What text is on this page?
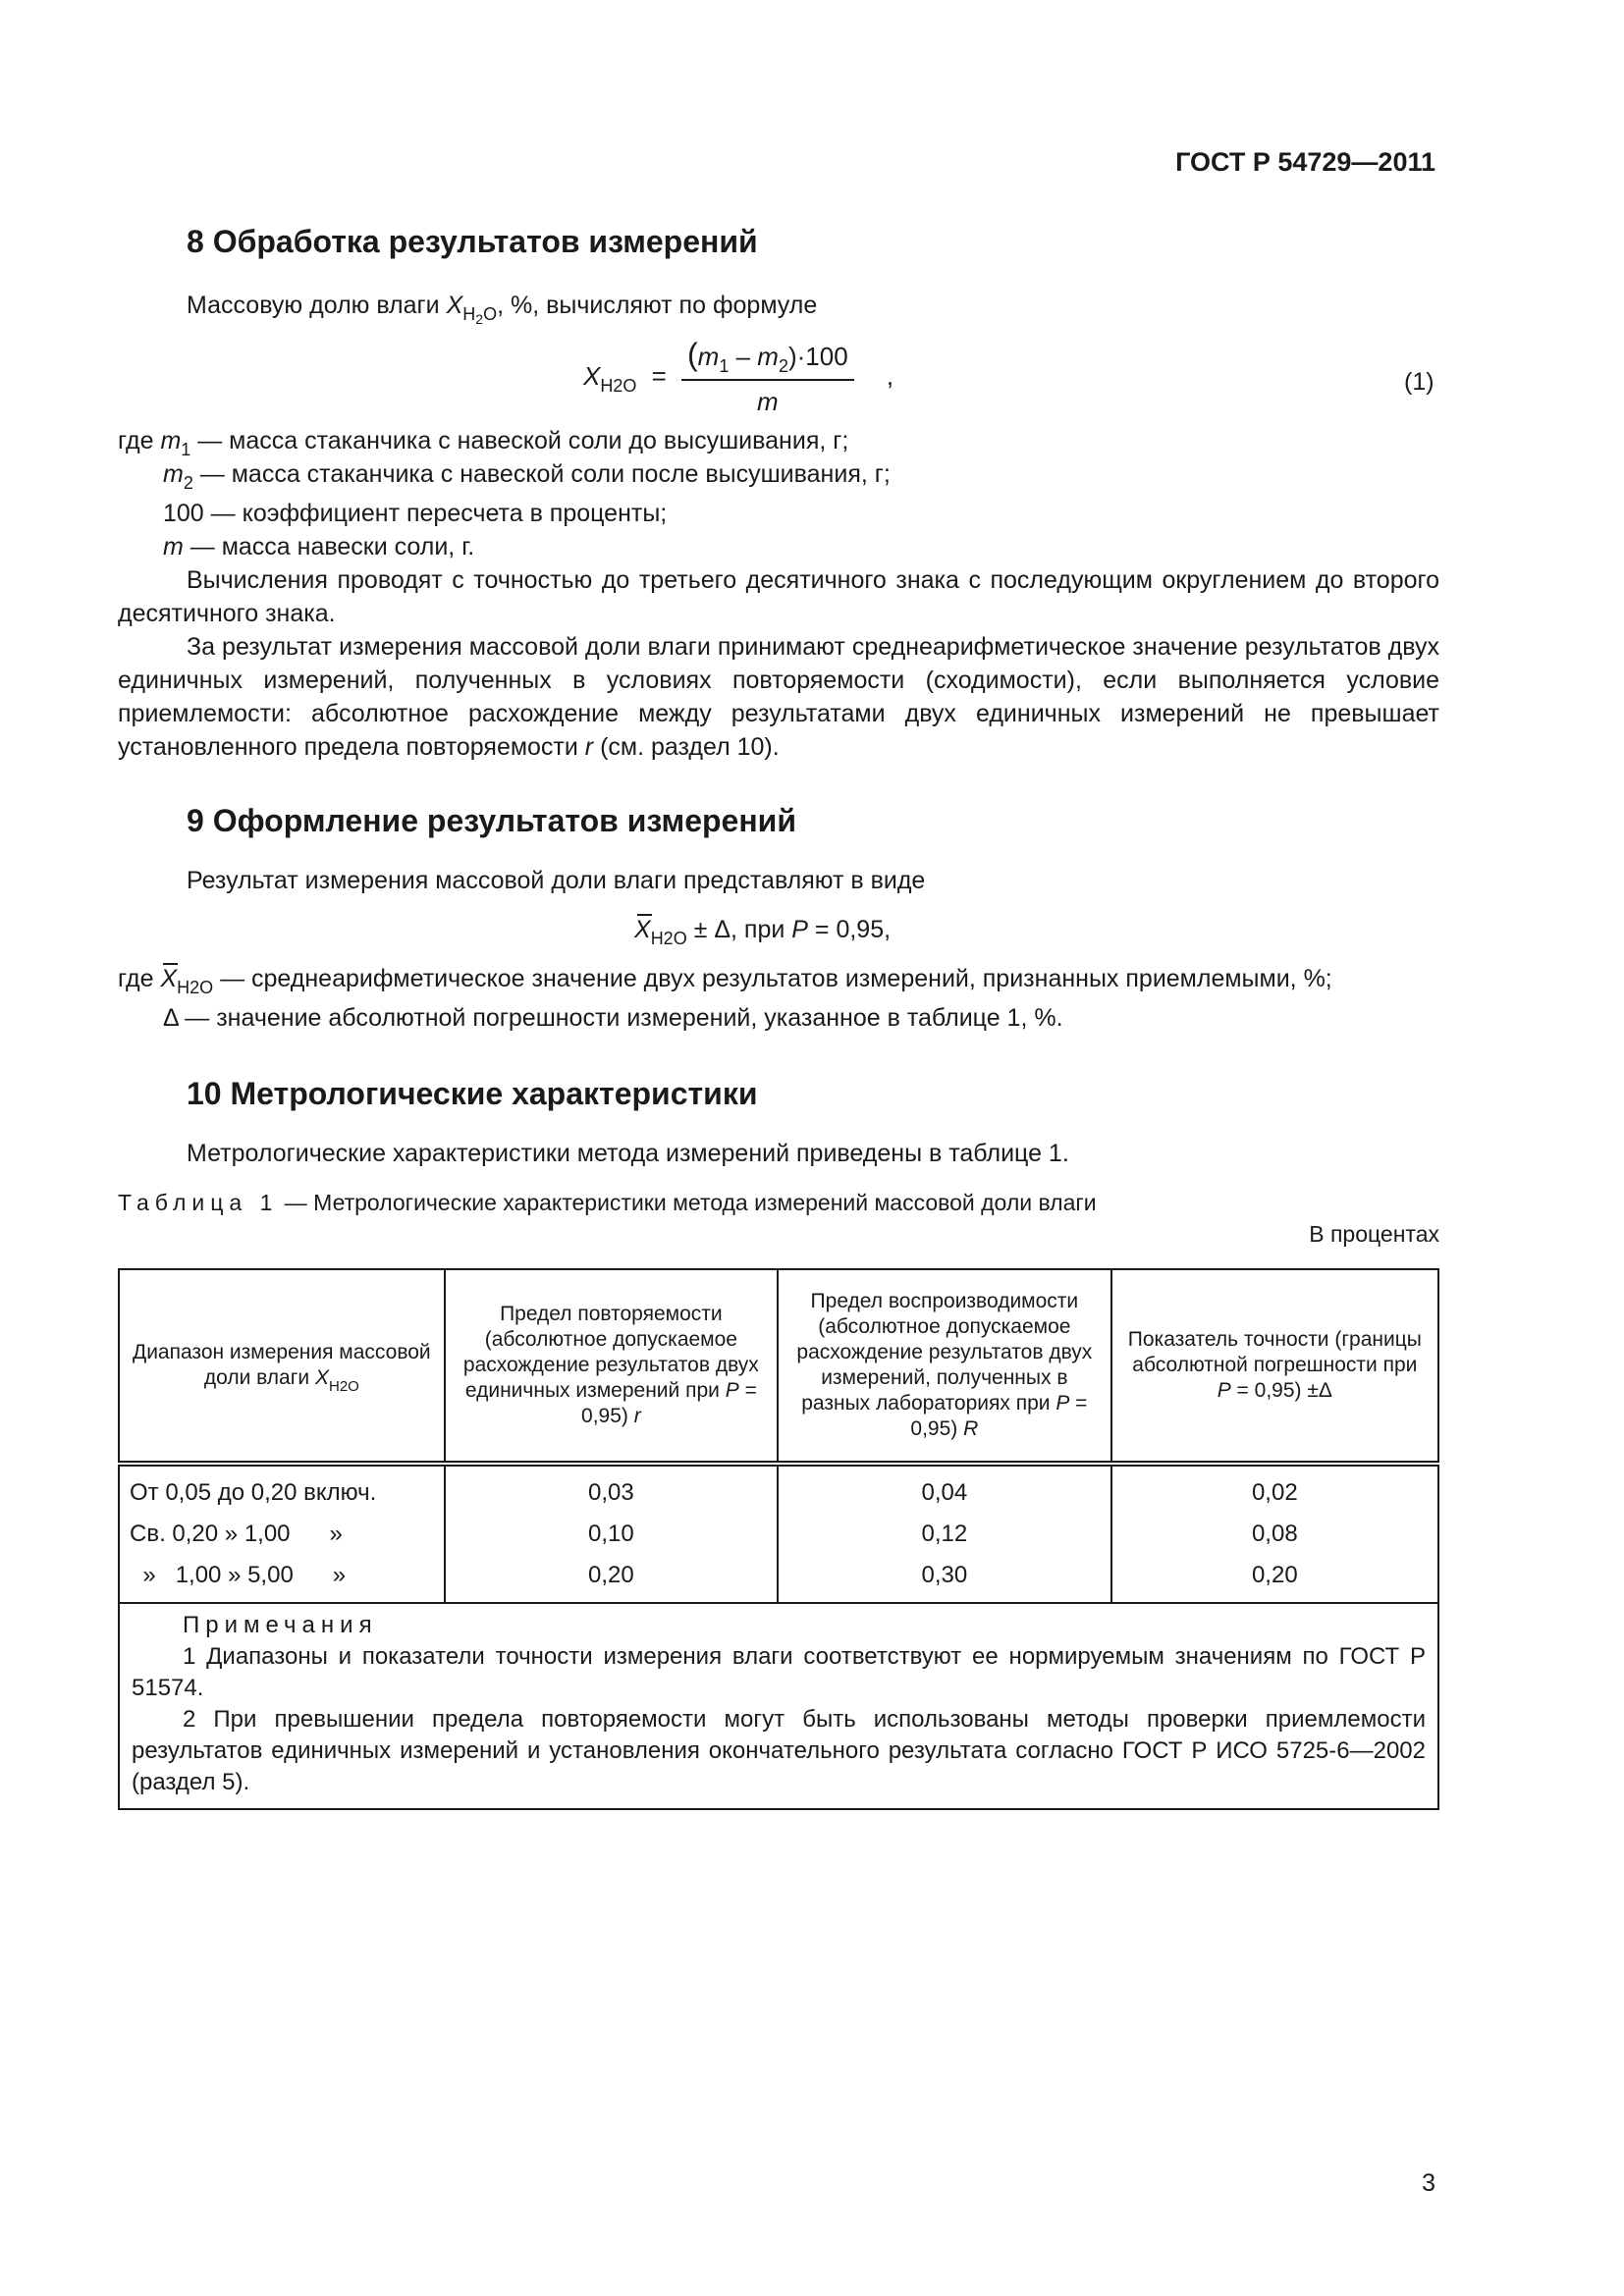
ГОСТ Р 54729—2011
8 Обработка результатов измерений
Массовую долю влаги $X_{H_2O}$, %, вычисляют по формуле
$X_{H2O} = \frac{(m_1 - m_2)\cdot 100}{m}$ ,	(1)
где $m_1$ — масса стаканчика с навеской соли до высушивания, г;
$m_2$ — масса стаканчика с навеской соли после высушивания, г;
100 — коэффициент пересчета в проценты;
m — масса навески соли, г.
Вычисления проводят с точностью до третьего десятичного знака с последующим округлением до второго десятичного знака.
За результат измерения массовой доли влаги принимают среднеарифметическое значение результатов двух единичных измерений, полученных в условиях повторяемости (сходимости), если выполняется условие приемлемости: абсолютное расхождение между результатами двух единичных измерений не превышает установленного предела повторяемости r (см. раздел 10).
9 Оформление результатов измерений
Результат измерения массовой доли влаги представляют в виде
$X_{H2O} \pm \Delta$, при P = 0,95,
где $X_{H2O}$ — среднеарифметическое значение двух результатов измерений, признанных приемлемыми, %;
Δ — значение абсолютной погрешности измерений, указанное в таблице 1, %.
10 Метрологические характеристики
Метрологические характеристики метода измерений приведены в таблице 1.
Таблица 1 — Метрологические характеристики метода измерений массовой доли влаги
В процентах
Диапазон измерения массовой доли влаги $X_{H2O}$	Предел повторяемости (абсолютное допускаемое расхождение результатов двух единичных измерений при P = 0,95) r	Предел воспроизводимости (абсолютное допускаемое расхождение результатов двух измерений, полученных в разных лабораториях при P = 0,95) R	Показатель точности (границы абсолютной погрешности при P = 0,95) ±Δ
От 0,05 до 0,20 включ.	0,03	0,04	0,02
Св. 0,20 » 1,00      »	0,10	0,12	0,08
»   1,00 » 5,00      »	0,20	0,30	0,20

Примечания
1 Диапазоны и показатели точности измерения влаги соответствуют ее нормируемым значениям по ГОСТ Р 51574.
2 При превышении предела повторяемости могут быть использованы методы проверки приемлемости результатов единичных измерений и установления окончательного результата согласно ГОСТ Р ИСО 5725-6—2002 (раздел 5).			
3
